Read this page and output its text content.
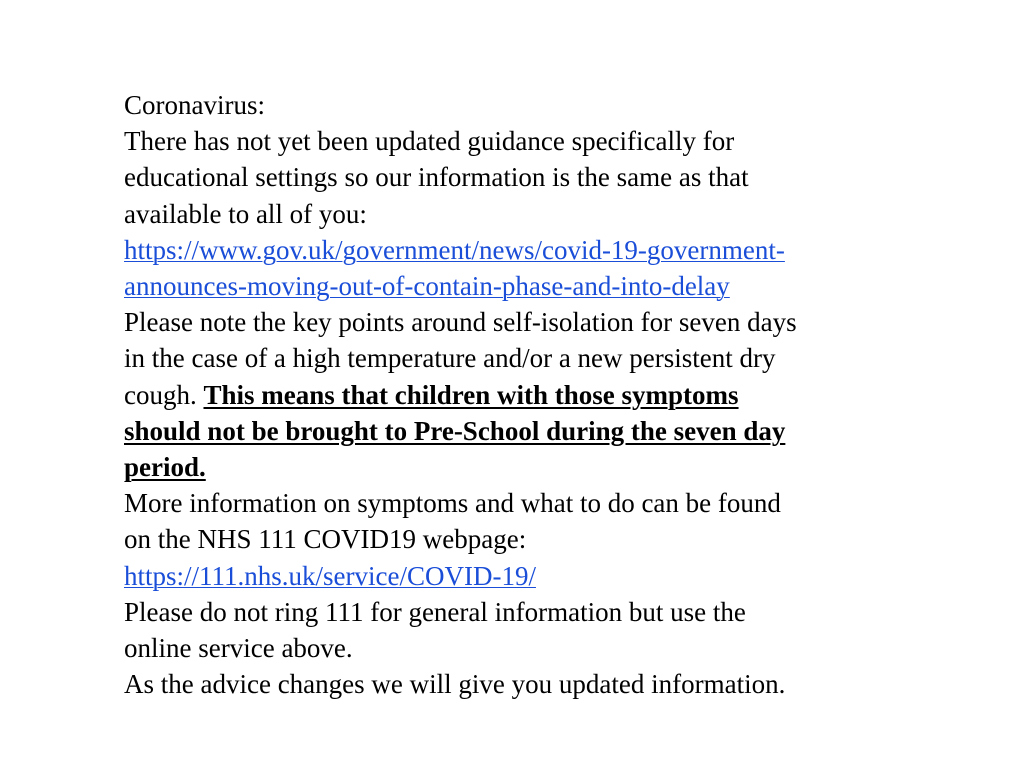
Coronavirus:
There has not yet been updated guidance specifically for
educational settings so our information is the same as that
available to all of you:
https://www.gov.uk/government/news/covid-19-government-
announces-moving-out-of-contain-phase-and-into-delay
Please note the key points around self-isolation for seven days
in the case of a high temperature and/or a new persistent dry
cough. This means that children with those symptoms
should not be brought to Pre-School during the seven day
period.
More information on symptoms and what to do can be found
on the NHS 111 COVID19 webpage:
https://111.nhs.uk/service/COVID-19/
Please do not ring 111 for general information but use the
online service above.
As the advice changes we will give you updated information.
